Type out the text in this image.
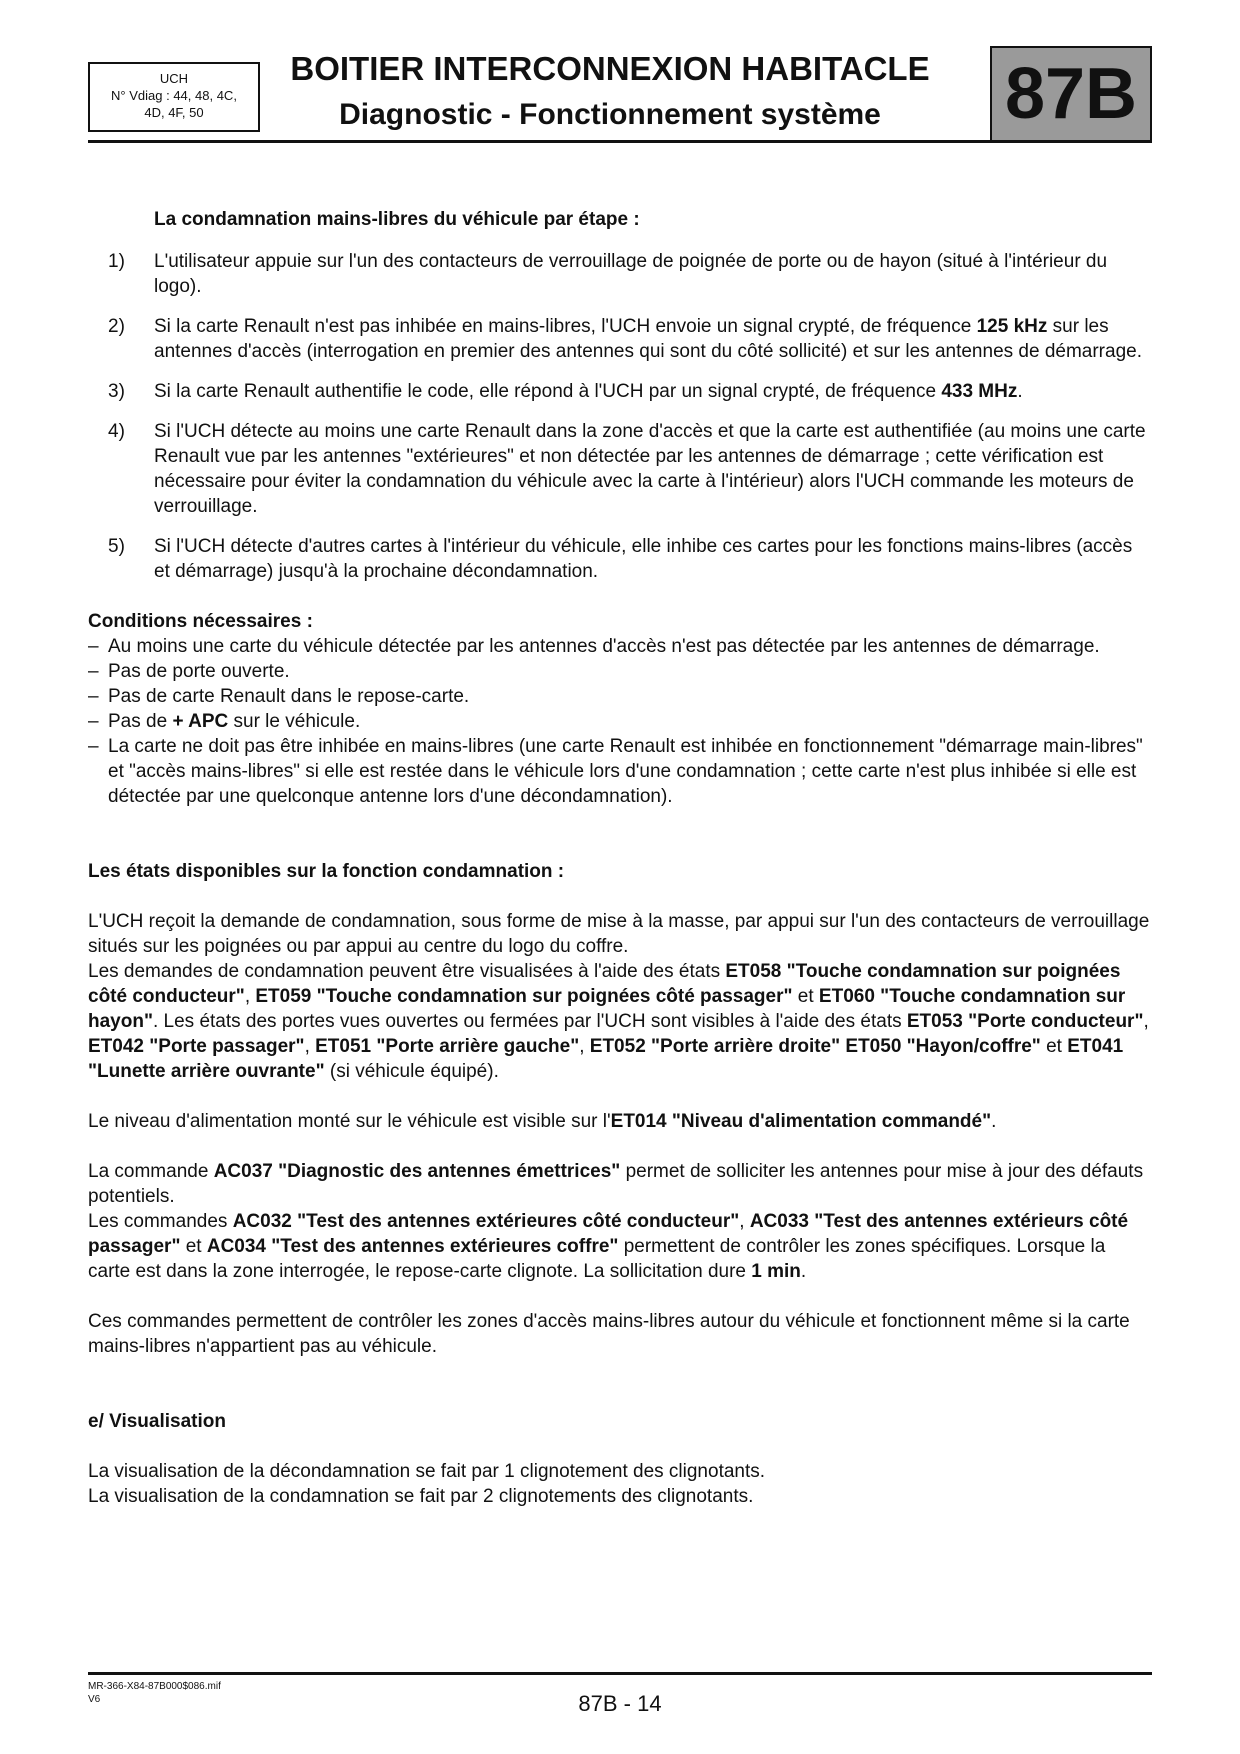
UCH
N° Vdiag : 44, 48, 4C,
4D, 4F, 50
BOITIER INTERCONNEXION HABITACLE
Diagnostic - Fonctionnement système	87B

La condamnation mains-libres du véhicule par étape :

1)	L'utilisateur appuie sur l'un des contacteurs de verrouillage de poignée de porte ou de hayon (situé à l'intérieur du logo).
2)	Si la carte Renault n'est pas inhibée en mains-libres, l'UCH envoie un signal crypté, de fréquence 125 kHz sur les antennes d'accès (interrogation en premier des antennes qui sont du côté sollicité) et sur les antennes de démarrage.
3)	Si la carte Renault authentifie le code, elle répond à l'UCH par un signal crypté, de fréquence 433 MHz.
4)	Si l'UCH détecte au moins une carte Renault dans la zone d'accès et que la carte est authentifiée (au moins une carte Renault vue par les antennes "extérieures" et non détectée par les antennes de démarrage ; cette vérification est nécessaire pour éviter la condamnation du véhicule avec la carte à l'intérieur) alors l'UCH commande les moteurs de verrouillage.
5)	Si l'UCH détecte d'autres cartes à l'intérieur du véhicule, elle inhibe ces cartes pour les fonctions mains-libres (accès et démarrage) jusqu'à la prochaine décondamnation.

Conditions nécessaires :

– Au moins une carte du véhicule détectée par les antennes d'accès n'est pas détectée par les antennes de démarrage.
– Pas de porte ouverte.
– Pas de carte Renault dans le repose-carte.
– Pas de + APC sur le véhicule.
– La carte ne doit pas être inhibée en mains-libres (une carte Renault est inhibée en fonctionnement "démarrage main-libres" et "accès mains-libres" si elle est restée dans le véhicule lors d'une condamnation ; cette carte n'est plus inhibée si elle est détectée par une quelconque antenne lors d'une décondamnation).

Les états disponibles sur la fonction condamnation :

L'UCH reçoit la demande de condamnation, sous forme de mise à la masse, par appui sur l'un des contacteurs de verrouillage situés sur les poignées ou par appui au centre du logo du coffre.

Les demandes de condamnation peuvent être visualisées à l'aide des états ET058 "Touche condamnation sur poignées côté conducteur", ET059 "Touche condamnation sur poignées côté passager" et ET060 "Touche condamnation sur hayon". Les états des portes vues ouvertes ou fermées par l'UCH sont visibles à l'aide des états ET053 "Porte conducteur", ET042 "Porte passager", ET051 "Porte arrière gauche", ET052 "Porte arrière droite" ET050 "Hayon/coffre" et ET041 "Lunette arrière ouvrante" (si véhicule équipé).

Le niveau d'alimentation monté sur le véhicule est visible sur l'ET014 "Niveau d'alimentation commandé".

La commande AC037 "Diagnostic des antennes émettrices" permet de solliciter les antennes pour mise à jour des défauts potentiels.

Les commandes AC032 "Test des antennes extérieures côté conducteur", AC033 "Test des antennes extérieurs côté passager" et AC034 "Test des antennes extérieures coffre" permettent de contrôler les zones spécifiques. Lorsque la carte est dans la zone interrogée, le repose-carte clignote. La sollicitation dure 1 min.

Ces commandes permettent de contrôler les zones d'accès mains-libres autour du véhicule et fonctionnent même si la carte mains-libres n'appartient pas au véhicule.

e/ Visualisation

La visualisation de la décondamnation se fait par 1 clignotement des clignotants.

La visualisation de la condamnation se fait par 2 clignotements des clignotants.

MR-366-X84-87B000$086.mif
V6	87B - 14
